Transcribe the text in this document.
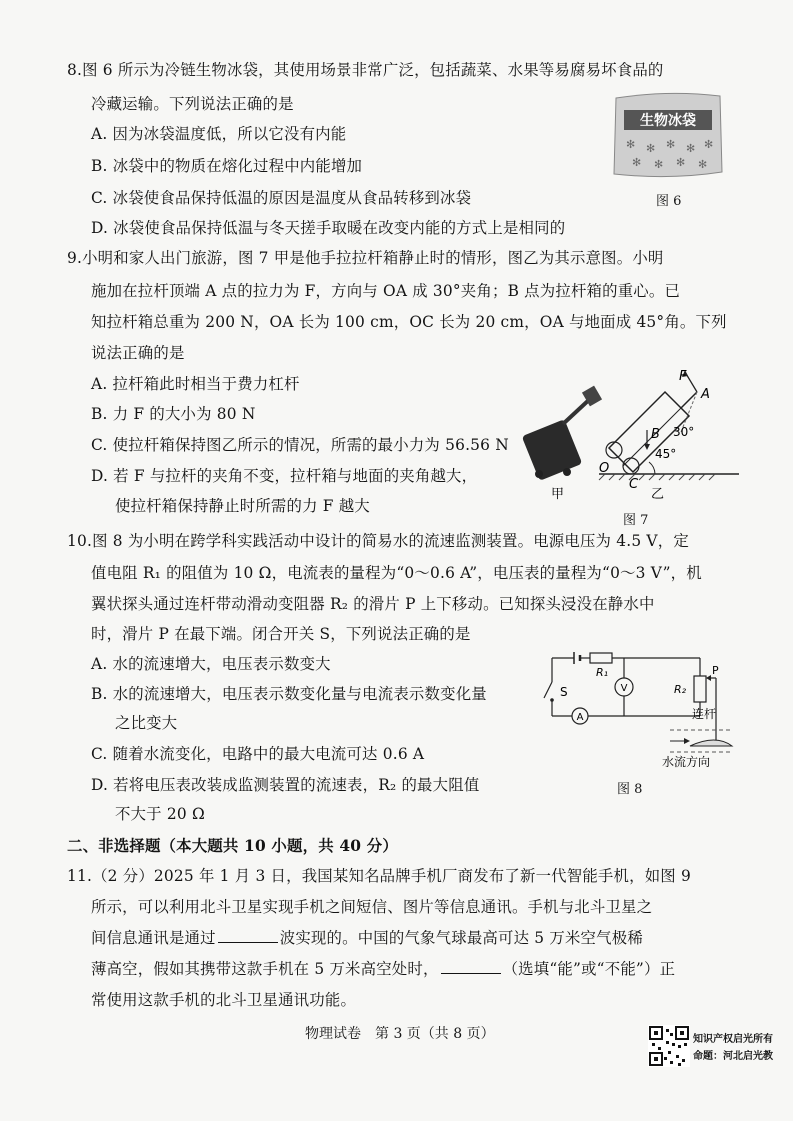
8.图 6 所示为冷链生物冰袋，其使用场景非常广泛，包括蔬菜、水果等易腐易坏食品的
冷藏运输。下列说法正确的是
A. 因为冰袋温度低，所以它没有内能
B. 冰袋中的物质在熔化过程中内能增加
C. 冰袋使食品保持低温的原因是温度从食品转移到冰袋
D. 冰袋使食品保持低温与冬天搓手取暖在改变内能的方式上是相同的
生物冰袋
✻ ✻ ✻ ✻ ✻
✻ ✻ ✻ ✻
图 6
9.小明和家人出门旅游，图 7 甲是他手拉拉杆箱静止时的情形，图乙为其示意图。小明
施加在拉杆顶端 A 点的拉力为 F，方向与 OA 成 30°夹角；B 点为拉杆箱的重心。已
知拉杆箱总重为 200 N，OA 长为 100 cm，OC 长为 20 cm，OA 与地面成 45°角。下列
说法正确的是
A. 拉杆箱此时相当于费力杠杆
B. 力 F 的大小为 80 N
C. 使拉杆箱保持图乙所示的情况，所需的最小力为 56.56 N
D. 若 F 与拉杆的夹角不变，拉杆箱与地面的夹角越大，
使拉杆箱保持静止时所需的力 F 越大
甲
F
A
B 30°
45°
O
C
乙
图 7
10.图 8 为小明在跨学科实践活动中设计的简易水的流速监测装置。电源电压为 4.5 V，定
值电阻 R₁ 的阻值为 10 Ω，电流表的量程为“0～0.6 A”，电压表的量程为“0～3 V”，机
翼状探头通过连杆带动滑动变阻器 R₂ 的滑片 P 上下移动。已知探头浸没在静水中
时，滑片 P 在最下端。闭合开关 S，下列说法正确的是
A. 水的流速增大，电压表示数变大
B. 水的流速增大，电压表示数变化量与电流表示数变化量
之比变大
C. 随着水流变化，电路中的最大电流可达 0.6 A
D. 若将电压表改装成监测装置的流速表，R₂ 的最大阻值
不大于 20 Ω
R₁
S
A
V	R₂
P
连杆
水流方向
图 8
二、非选择题（本大题共 10 小题，共 40 分）
11.（2 分）2025 年 1 月 3 日，我国某知名品牌手机厂商发布了新一代智能手机，如图 9
所示，可以利用北斗卫星实现手机之间短信、图片等信息通讯。手机与北斗卫星之
间信息通讯是通过	波实现的。中国的气象气球最高可达 5 万米空气极稀
薄高空，假如其携带这款手机在 5 万米高空处时，	（选填“能”或“不能”）正
常使用这款手机的北斗卫星通讯功能。
物理试卷　第 3 页（共 8 页）	知识产权启光所有
命题：河北启光教
